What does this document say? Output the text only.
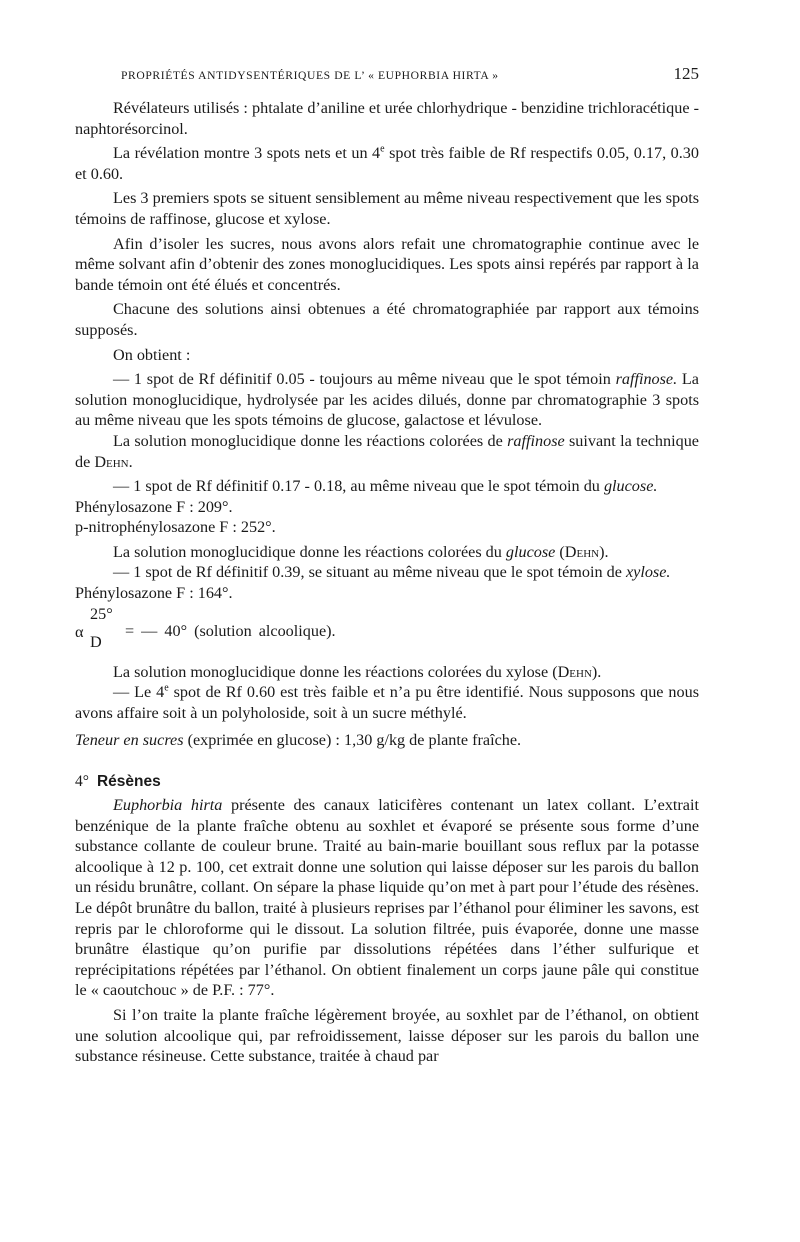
PROPRIÉTÉS ANTIDYSENTÉRIQUES DE L’ « EUPHORBIA HIRTA »	125

Révélateurs utilisés : phtalate d’aniline et urée chlorhydrique - benzidine trichloracétique - naphtorésorcinol.

La révélation montre 3 spots nets et un 4e spot très faible de Rf respectifs 0.05, 0.17, 0.30 et 0.60.

Les 3 premiers spots se situent sensiblement au même niveau respectivement que les spots témoins de raffinose, glucose et xylose.

Afin d’isoler les sucres, nous avons alors refait une chromatographie continue avec le même solvant afin d’obtenir des zones monoglucidiques. Les spots ainsi repérés par rapport à la bande témoin ont été élués et concentrés.

Chacune des solutions ainsi obtenues a été chromatographiée par rapport aux témoins supposés.

On obtient :

— 1 spot de Rf définitif 0.05 - toujours au même niveau que le spot témoin raffinose. La solution monoglucidique, hydrolysée par les acides dilués, donne par chromatographie 3 spots au même niveau que les spots témoins de glucose, galactose et lévulose.

La solution monoglucidique donne les réactions colorées de raffinose suivant la technique de Dehn.

— 1 spot de Rf définitif 0.17 - 0.18, au même niveau que le spot témoin du glucose.

Phénylosazone F : 209°.
p-nitrophénylosazone F : 252°.

La solution monoglucidique donne les réactions colorées du glucose (Dehn).

— 1 spot de Rf définitif 0.39, se situant au même niveau que le spot témoin de xylose.

Phénylosazone F : 164°.
α
25°
D
= — 40° (solution alcoolique).

La solution monoglucidique donne les réactions colorées du xylose (Dehn).

— Le 4e spot de Rf 0.60 est très faible et n’a pu être identifié. Nous supposons que nous avons affaire soit à un polyholoside, soit à un sucre méthylé.

Teneur en sucres (exprimée en glucose) : 1,30 g/kg de plante fraîche.

4° Résènes

Euphorbia hirta présente des canaux laticifères contenant un latex collant. L’extrait benzénique de la plante fraîche obtenu au soxhlet et évaporé se présente sous forme d’une substance collante de couleur brune. Traité au bain-marie bouillant sous reflux par la potasse alcoolique à 12 p. 100, cet extrait donne une solution qui laisse déposer sur les parois du ballon un résidu brunâtre, collant. On sépare la phase liquide qu’on met à part pour l’étude des résènes. Le dépôt brunâtre du ballon, traité à plusieurs reprises par l’éthanol pour éliminer les savons, est repris par le chloroforme qui le dissout. La solution filtrée, puis évaporée, donne une masse brunâtre élastique qu’on purifie par dissolutions répétées dans l’éther sulfurique et reprécipitations répétées par l’éthanol. On obtient finalement un corps jaune pâle qui constitue le « caoutchouc » de P.F. : 77°.

Si l’on traite la plante fraîche légèrement broyée, au soxhlet par de l’éthanol, on obtient une solution alcoolique qui, par refroidissement, laisse déposer sur les parois du ballon une substance résineuse. Cette substance, traitée à chaud par
